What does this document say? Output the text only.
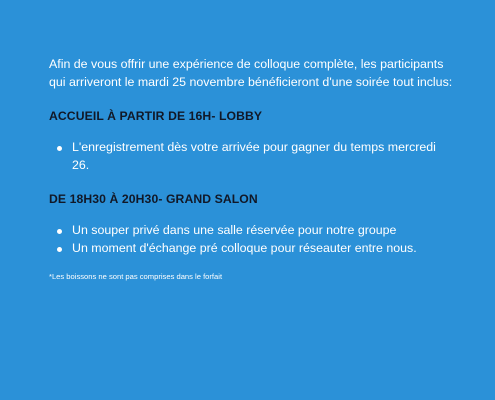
Afin de vous offrir une expérience de colloque complète, les participants qui arriveront le mardi 25 novembre bénéficieront d'une soirée tout inclus:

ACCUEIL À PARTIR DE 16H- LOBBY
L'enregistrement dès votre arrivée pour gagner du temps mercredi 26.
DE 18H30 À 20H30- GRAND SALON
Un souper privé dans une salle réservée pour notre groupe
Un moment d'échange pré colloque pour réseauter entre nous.

*Les boissons ne sont pas comprises dans le forfait
